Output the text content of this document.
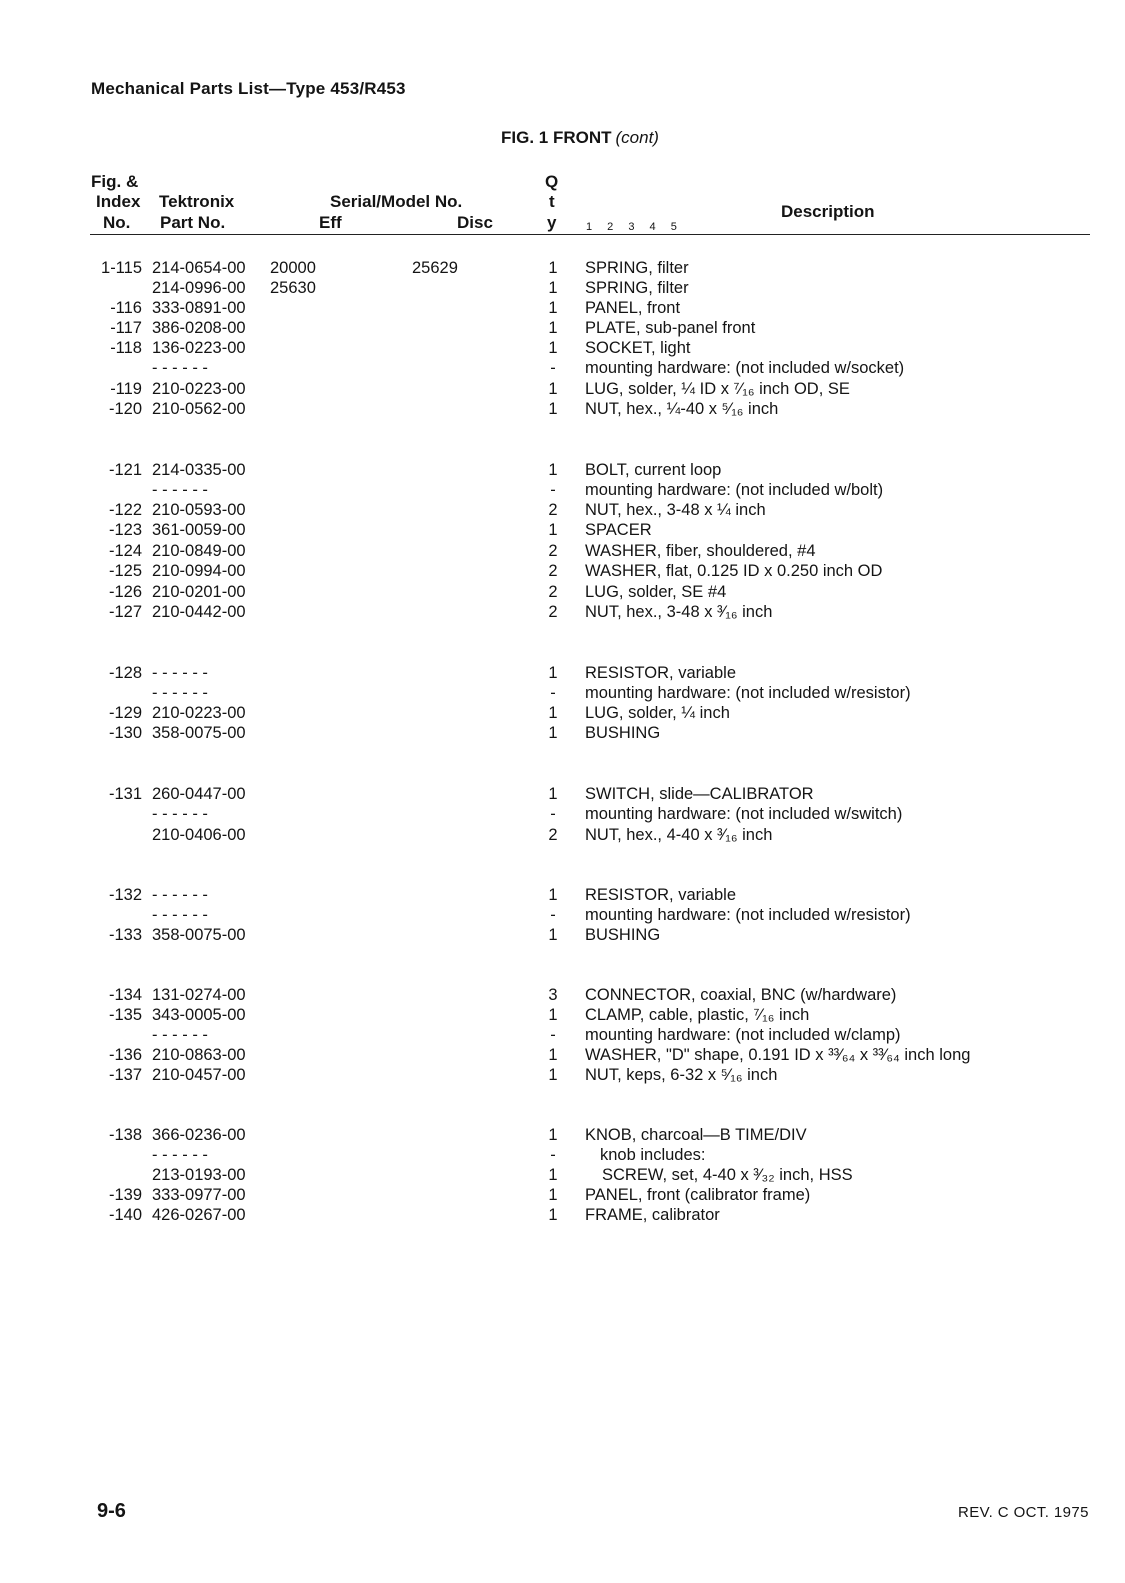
Mechanical Parts List—Type 453/R453
FIG. 1 FRONT (cont)
Fig. &
Index
No.
Tektronix
Part No.
Serial/Model No.
Eff	Disc
Q
t
y	1 2 3 4 5
Description
1-115 214-0654-00 20000	25629	1	SPRING, filter
214-0996-00 25630	1	SPRING, filter
-116 333-0891-00	1	PANEL, front
-117 386-0208-00	1	PLATE, sub-panel front
-118 136-0223-00	1	SOCKET, light
- - - - - -	-	mounting hardware: (not included w/socket)
-119 210-0223-00	1	LUG, solder, ¼ ID x ⁷⁄₁₆ inch OD, SE
-120 210-0562-00	1	NUT, hex., ¼-40 x ⁵⁄₁₆ inch
-121 214-0335-00	1	BOLT, current loop
- - - - - -	-	mounting hardware: (not included w/bolt)
-122 210-0593-00	2	NUT, hex., 3-48 x ¼ inch
-123 361-0059-00	1	SPACER
-124 210-0849-00	2	WASHER, fiber, shouldered, #4
-125 210-0994-00	2	WASHER, flat, 0.125 ID x 0.250 inch OD
-126 210-0201-00	2	LUG, solder, SE #4
-127 210-0442-00	2	NUT, hex., 3-48 x ³⁄₁₆ inch
-128 - - - - - -	1	RESISTOR, variable
- - - - - -	-	mounting hardware: (not included w/resistor)
-129 210-0223-00	1	LUG, solder, ¼ inch
-130 358-0075-00	1	BUSHING
-131 260-0447-00	1	SWITCH, slide—CALIBRATOR
- - - - - -	-	mounting hardware: (not included w/switch)
210-0406-00	2	NUT, hex., 4-40 x ³⁄₁₆ inch
-132 - - - - - -	1	RESISTOR, variable
- - - - - -	-	mounting hardware: (not included w/resistor)
-133 358-0075-00	1	BUSHING
-134 131-0274-00	3	CONNECTOR, coaxial, BNC (w/hardware)
-135 343-0005-00	1	CLAMP, cable, plastic, ⁷⁄₁₆ inch
- - - - - -	-	mounting hardware: (not included w/clamp)
-136 210-0863-00	1	WASHER, "D" shape, 0.191 ID x ³³⁄₆₄ x ³³⁄₆₄ inch long
-137 210-0457-00	1	NUT, keps, 6-32 x ⁵⁄₁₆ inch
-138 366-0236-00	1	KNOB, charcoal—B TIME/DIV
- - - - - -	-	knob includes:
213-0193-00	1	SCREW, set, 4-40 x ³⁄₃₂ inch, HSS
-139 333-0977-00	1	PANEL, front (calibrator frame)
-140 426-0267-00	1	FRAME, calibrator
9-6	REV. C OCT. 1975
